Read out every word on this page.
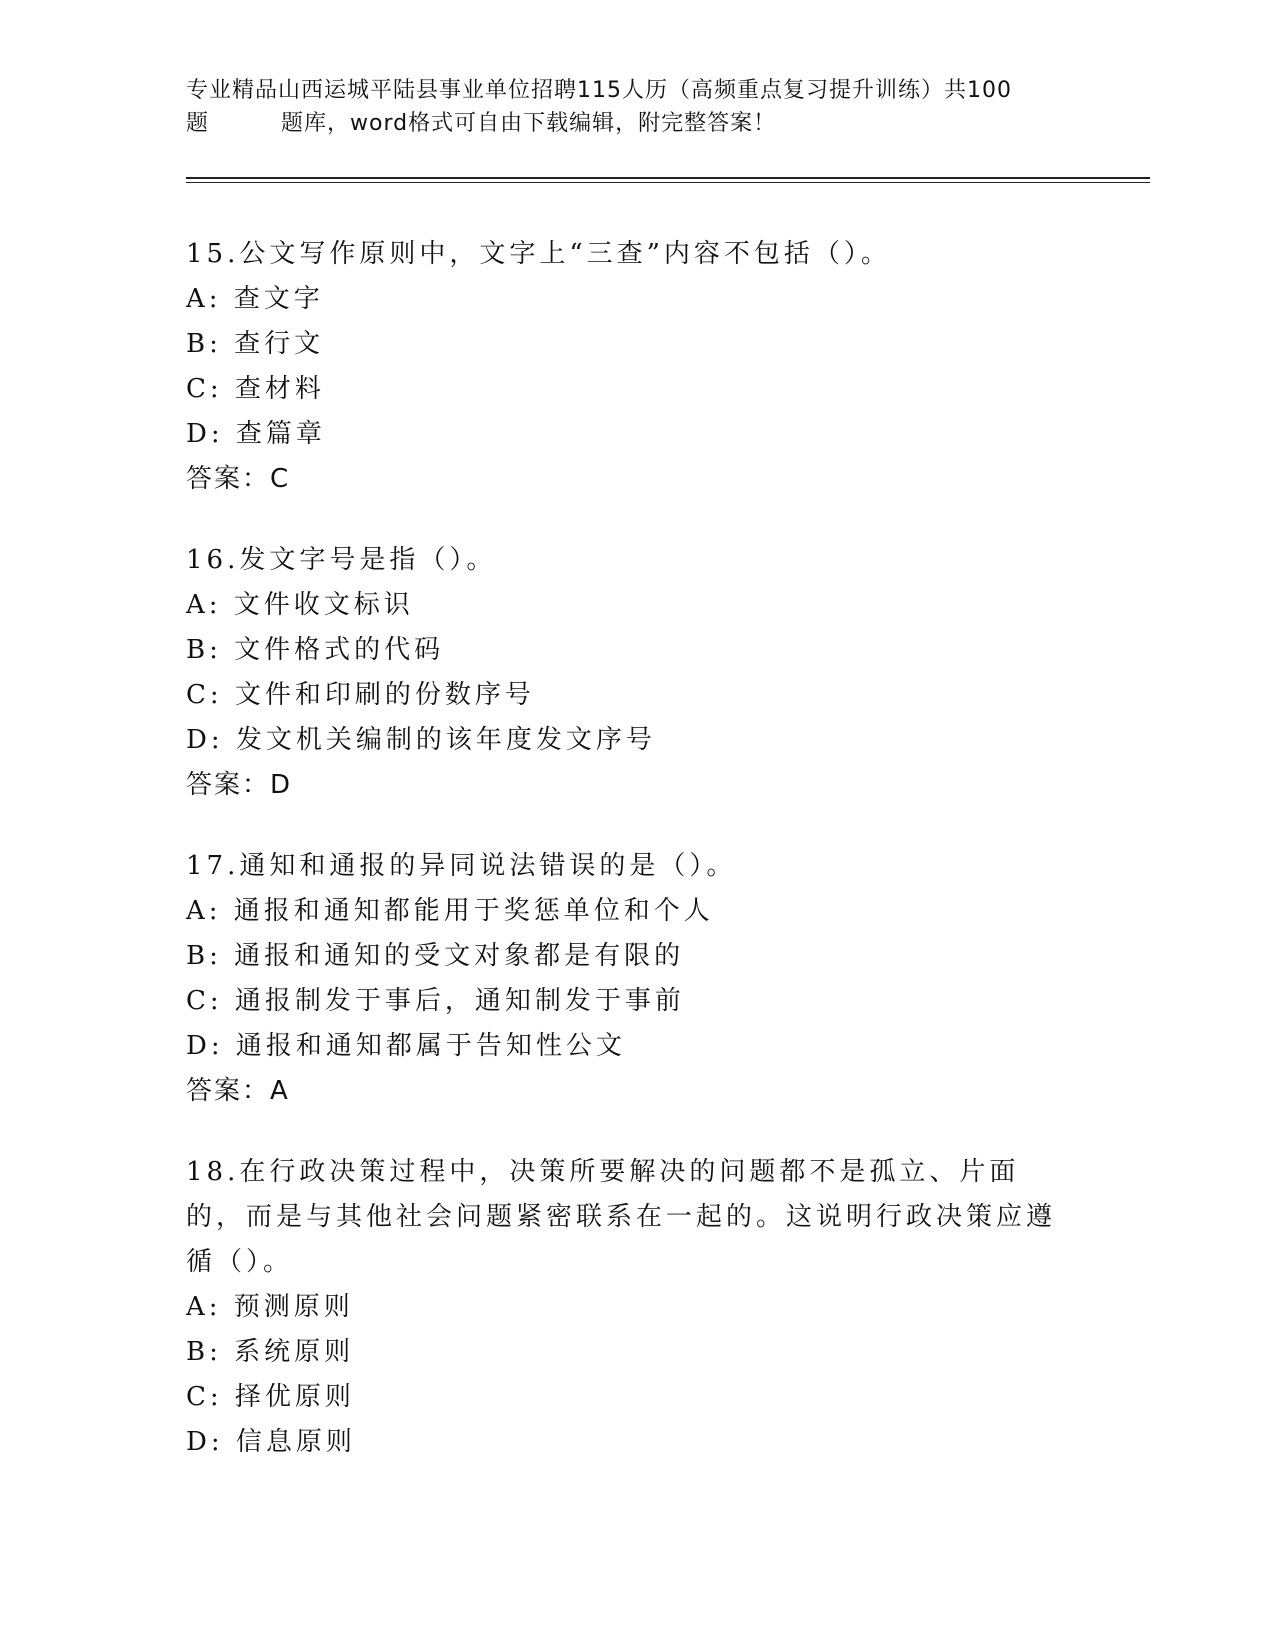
专业精品山西运城平陆县事业单位招聘115人历（高频重点复习提升训练）共100
题	题库，word格式可自由下载编辑，附完整答案！
15.公文写作原则中，文字上“三查”内容不包括（）。
A: 查文字
B: 查行文
C: 查材料
D: 查篇章
答案：C
16.发文字号是指（）。
A: 文件收文标识
B: 文件格式的代码
C: 文件和印刷的份数序号
D: 发文机关编制的该年度发文序号
答案：D
17.通知和通报的异同说法错误的是（）。
A: 通报和通知都能用于奖惩单位和个人
B: 通报和通知的受文对象都是有限的
C: 通报制发于事后，通知制发于事前
D: 通报和通知都属于告知性公文
答案：A
18.在行政决策过程中，决策所要解决的问题都不是孤立、片面的，而是与其他社会问题紧密联系在一起的。这说明行政决策应遵循（）。
A: 预测原则
B: 系统原则
C: 择优原则
D: 信息原则
